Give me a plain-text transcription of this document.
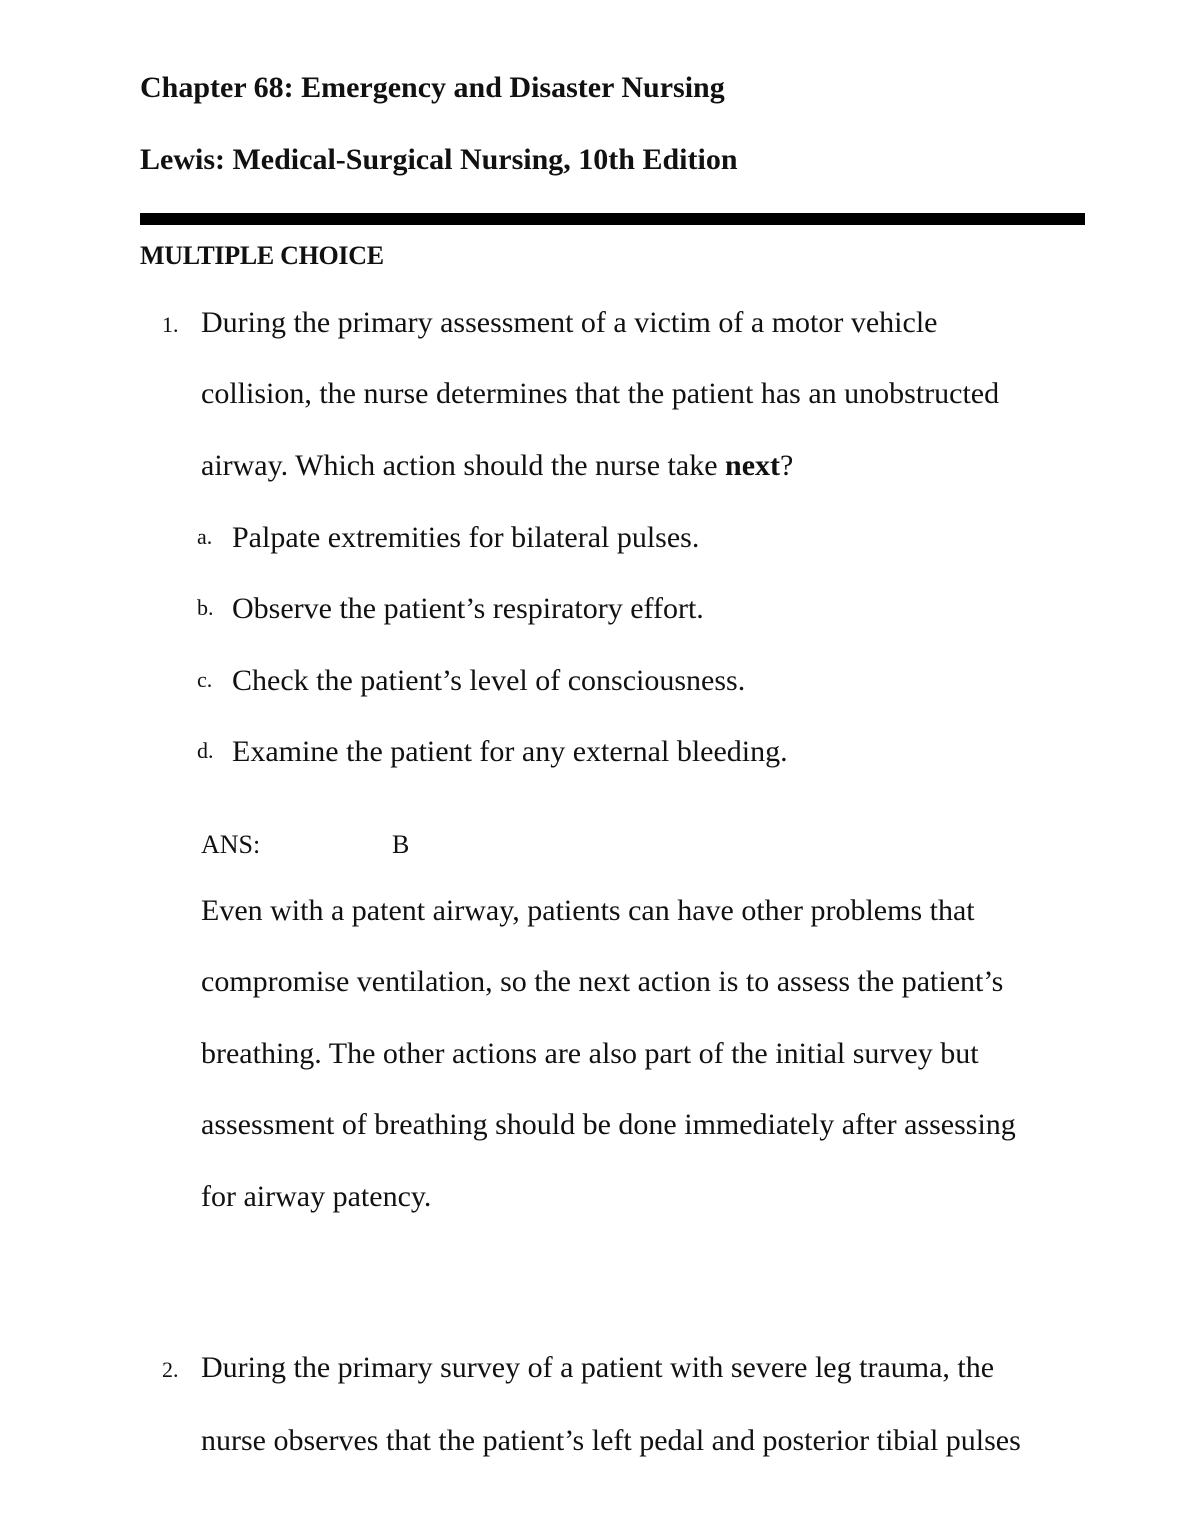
Chapter 68: Emergency and Disaster Nursing
Lewis: Medical-Surgical Nursing, 10th Edition
MULTIPLE CHOICE
1. During the primary assessment of a victim of a motor vehicle
collision, the nurse determines that the patient has an unobstructed
airway. Which action should the nurse take next?
a. Palpate extremities for bilateral pulses.
b. Observe the patient’s respiratory effort.
c. Check the patient’s level of consciousness.
d. Examine the patient for any external bleeding.
ANS:	B
Even with a patent airway, patients can have other problems that
compromise ventilation, so the next action is to assess the patient’s
breathing. The other actions are also part of the initial survey but
assessment of breathing should be done immediately after assessing
for airway patency.
2. During the primary survey of a patient with severe leg trauma, the
nurse observes that the patient’s left pedal and posterior tibial pulses
